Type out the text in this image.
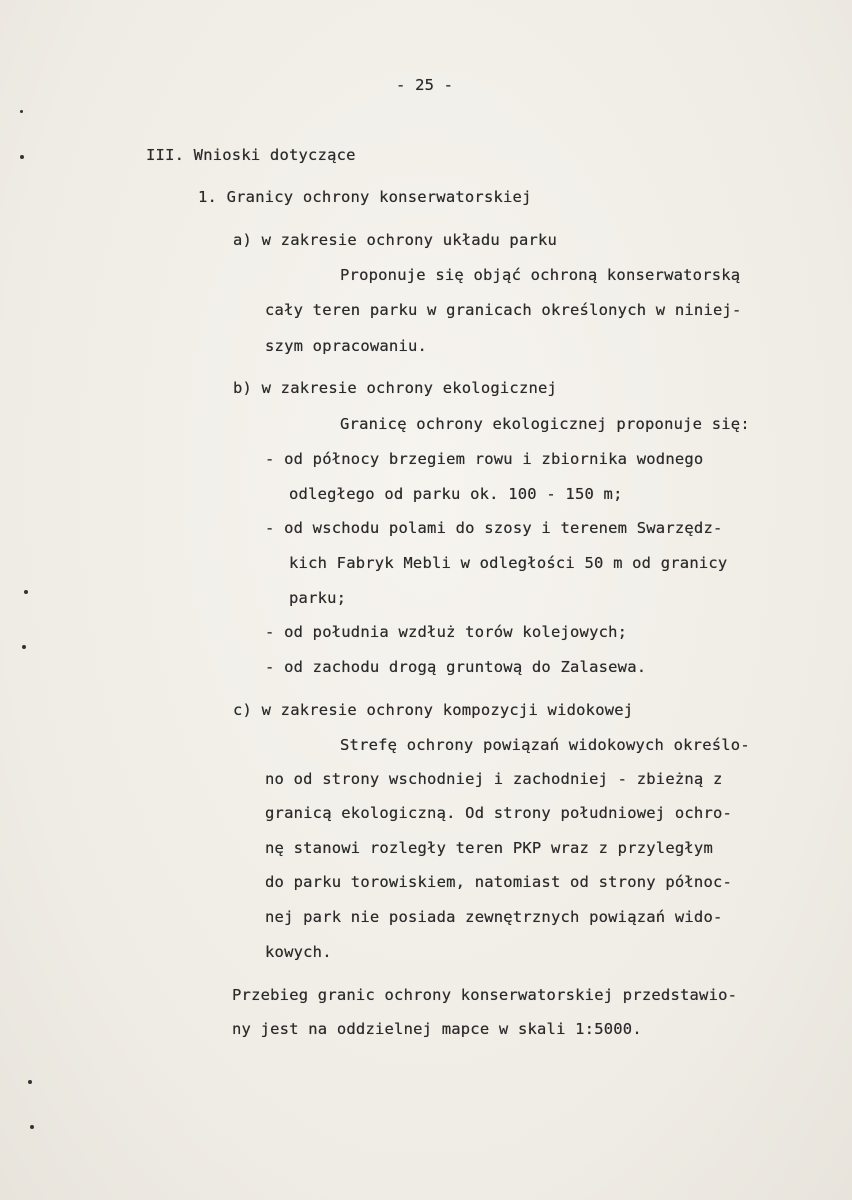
- 25 -
III. Wnioski dotyczące
1. Granicy ochrony konserwatorskiej
a) w zakresie ochrony układu parku
Proponuje się objąć ochroną konserwatorską
cały teren parku w granicach określonych w niniej-
szym opracowaniu.
b) w zakresie ochrony ekologicznej
Granicę ochrony ekologicznej proponuje się:
- od północy brzegiem rowu i zbiornika wodnego
odległego od parku ok. 100 - 150 m;
- od wschodu polami do szosy i terenem Swarzędz-
kich Fabryk Mebli w odległości 50 m od granicy
parku;
- od południa wzdłuż torów kolejowych;
- od zachodu drogą gruntową do Zalasewa.
c) w zakresie ochrony kompozycji widokowej
Strefę ochrony powiązań widokowych określo-
no od strony wschodniej i zachodniej - zbieżną z
granicą ekologiczną. Od strony południowej ochro-
nę stanowi rozległy teren PKP wraz z przyległym
do parku torowiskiem, natomiast od strony północ-
nej park nie posiada zewnętrznych powiązań wido-
kowych.
Przebieg granic ochrony konserwatorskiej przedstawio-
ny jest na oddzielnej mapce w skali 1:5000.
